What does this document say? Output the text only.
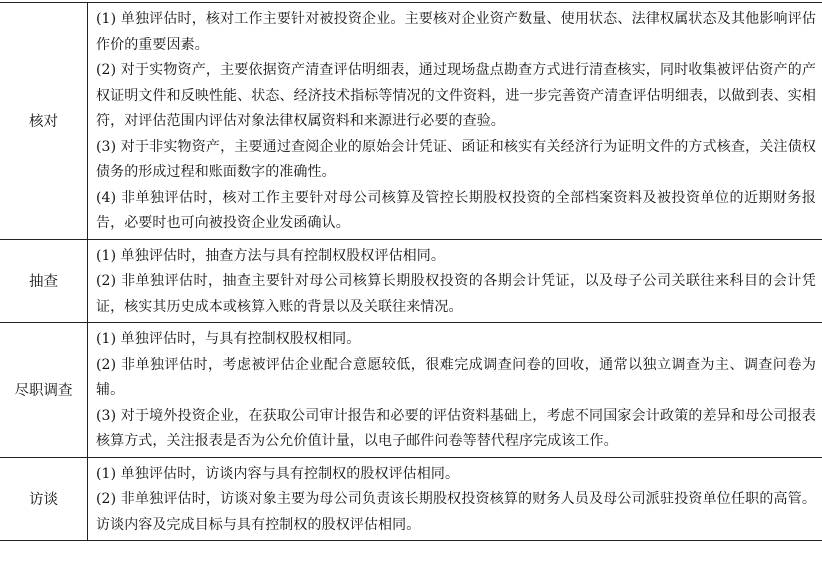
核对
(1) 单独评估时，核对工作主要针对被投资企业。主要核对企业资产数量、使用状态、法律权属状态及其他影响评估作价的重要因素。
(2) 对于实物资产，主要依据资产清查评估明细表，通过现场盘点勘查方式进行清查核实，同时收集被评估资产的产权证明文件和反映性能、状态、经济技术指标等情况的文件资料，进一步完善资产清查评估明细表，以做到表、实相符，对评估范围内评估对象法律权属资料和来源进行必要的查验。
(3) 对于非实物资产，主要通过查阅企业的原始会计凭证、函证和核实有关经济行为证明文件的方式核查，关注债权债务的形成过程和账面数字的准确性。
(4) 非单独评估时，核对工作主要针对母公司核算及管控长期股权投资的全部档案资料及被投资单位的近期财务报告，必要时也可向被投资企业发函确认。
抽查
(1) 单独评估时，抽查方法与具有控制权股权评估相同。
(2) 非单独评估时，抽查主要针对母公司核算长期股权投资的各期会计凭证，以及母子公司关联往来科目的会计凭证，核实其历史成本或核算入账的背景以及关联往来情况。
尽职调查
(1) 单独评估时，与具有控制权股权相同。
(2) 非单独评估时，考虑被评估企业配合意愿较低，很难完成调查问卷的回收，通常以独立调查为主、调查问卷为辅。
(3) 对于境外投资企业，在获取公司审计报告和必要的评估资料基础上，考虑不同国家会计政策的差异和母公司报表核算方式，关注报表是否为公允价值计量，以电子邮件问卷等替代程序完成该工作。
访谈
(1) 单独评估时，访谈内容与具有控制权的股权评估相同。
(2) 非单独评估时，访谈对象主要为母公司负责该长期股权投资核算的财务人员及母公司派驻投资单位任职的高管。访谈内容及完成目标与具有控制权的股权评估相同。
